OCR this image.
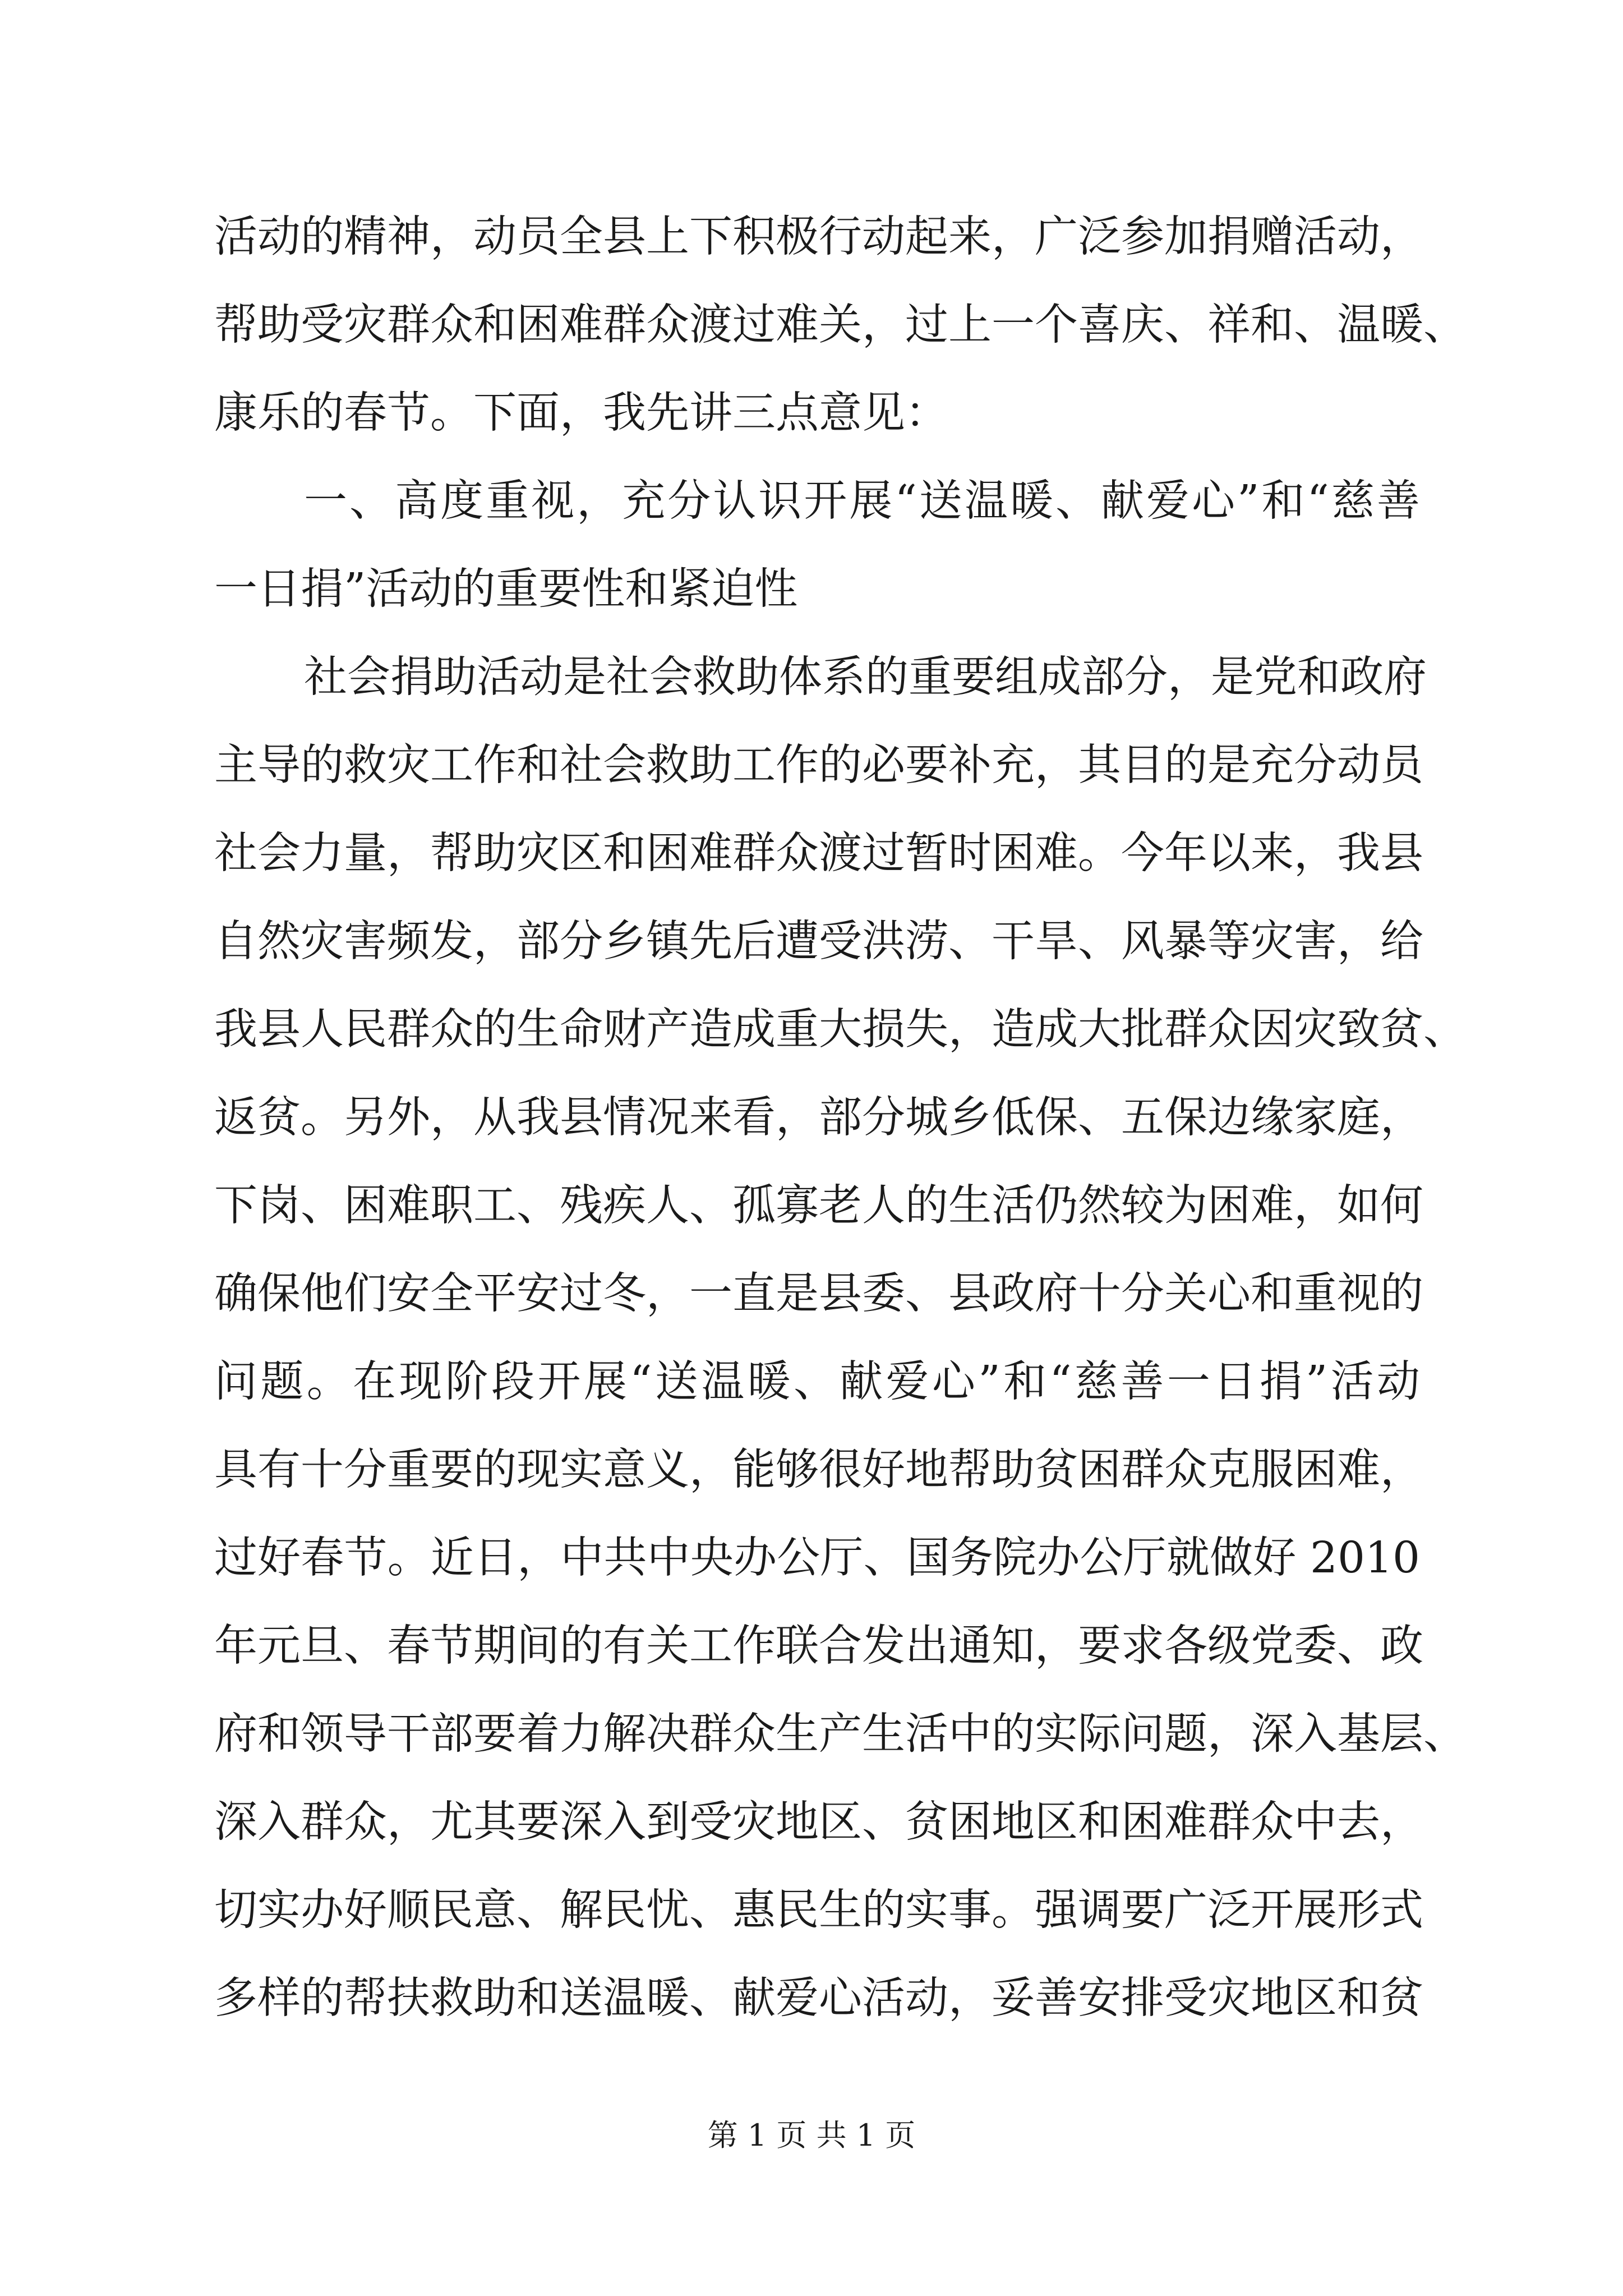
活动的精神，动员全县上下积极行动起来，广泛参加捐赠活动，
帮助受灾群众和困难群众渡过难关，过上一个喜庆、祥和、温暖、
康乐的春节。下面，我先讲三点意见：
一、高度重视，充分认识开展“送温暖、献爱心”和“慈善
一日捐”活动的重要性和紧迫性
社会捐助活动是社会救助体系的重要组成部分，是党和政府
主导的救灾工作和社会救助工作的必要补充，其目的是充分动员
社会力量，帮助灾区和困难群众渡过暂时困难。今年以来，我县
自然灾害频发，部分乡镇先后遭受洪涝、干旱、风暴等灾害，给
我县人民群众的生命财产造成重大损失，造成大批群众因灾致贫、
返贫。另外，从我县情况来看，部分城乡低保、五保边缘家庭，
下岗、困难职工、残疾人、孤寡老人的生活仍然较为困难，如何
确保他们安全平安过冬，一直是县委、县政府十分关心和重视的
问题。在现阶段开展“送温暖、献爱心”和“慈善一日捐”活动
具有十分重要的现实意义，能够很好地帮助贫困群众克服困难，
过好春节。近日，中共中央办公厅、国务院办公厅就做好 2010
年元旦、春节期间的有关工作联合发出通知，要求各级党委、政
府和领导干部要着力解决群众生产生活中的实际问题，深入基层、
深入群众，尤其要深入到受灾地区、贫困地区和困难群众中去，
切实办好顺民意、解民忧、惠民生的实事。强调要广泛开展形式
多样的帮扶救助和送温暖、献爱心活动，妥善安排受灾地区和贫
第 1 页 共 1 页
